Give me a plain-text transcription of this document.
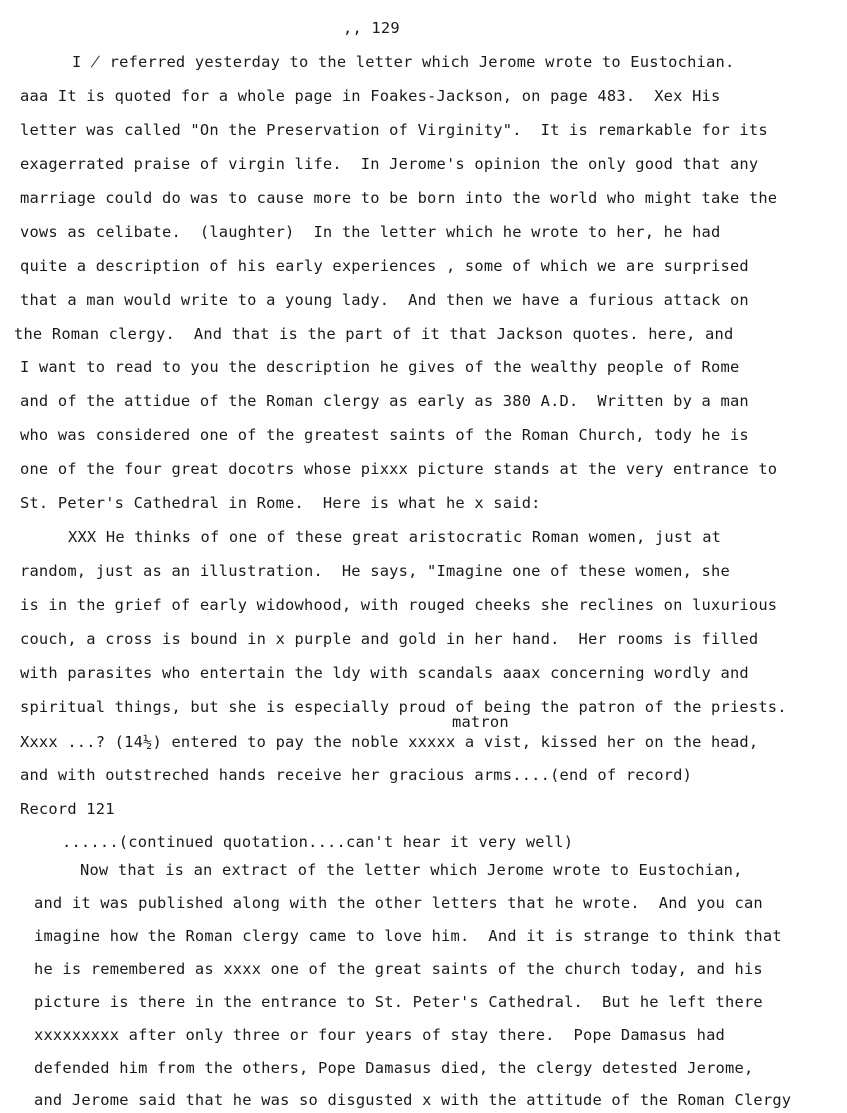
,, 129
I ̸ referred yesterday to the letter which Jerome wrote to Eustochian.
aaa It is quoted for a whole page in Foakes-Jackson, on page 483.  Xex His
letter was called "On the Preservation of Virginity".  It is remarkable for its
exagerrated praise of virgin life.  In Jerome's opinion the only good that any
marriage could do was to cause more to be born into the world who might take the
vows as celibate.  (laughter)  In the letter which he wrote to her, he had
quite a description of his early experiences , some of which we are surprised
that a man would write to a young lady.  And then we have a furious attack on
the Roman clergy.  And that is the part of it that Jackson quotes. here, and
I want to read to you the description he gives of the wealthy people of Rome
and of the attidue of the Roman clergy as early as 380 A.D.  Written by a man
who was considered one of the greatest saints of the Roman Church, tody he is
one of the four great docotrs whose pixxx picture stands at the very entrance to
St. Peter's Cathedral in Rome.  Here is what he x said:
XXX He thinks of one of these great aristocratic Roman women, just at
random, just as an illustration.  He says, "Imagine one of these women, she
is in the grief of early widowhood, with rouged cheeks she reclines on luxurious
couch, a cross is bound in x purple and gold in her hand.  Her rooms is filled
with parasites who entertain the ldy with scandals aaax concerning wordly and
spiritual things, but she is especially proud of being the patron of the priests.
matron
Xxxx ...? (14½) entered to pay the noble xxxxx a vist, kissed her on the head,
and with outstreched hands receive her gracious arms....(end of record)
Record 121
......(continued quotation....can't hear it very well)
Now that is an extract of the letter which Jerome wrote to Eustochian,
and it was published along with the other letters that he wrote.  And you can
imagine how the Roman clergy came to love him.  And it is strange to think that
he is remembered as xxxx one of the great saints of the church today, and his
picture is there in the entrance to St. Peter's Cathedral.  But he left there
xxxxxxxxx after only three or four years of stay there.  Pope Damasus had
defended him from the others, Pope Damasus died, the clergy detested Jerome,
and Jerome said that he was so disgusted x with the attitude of the Roman Clergy
